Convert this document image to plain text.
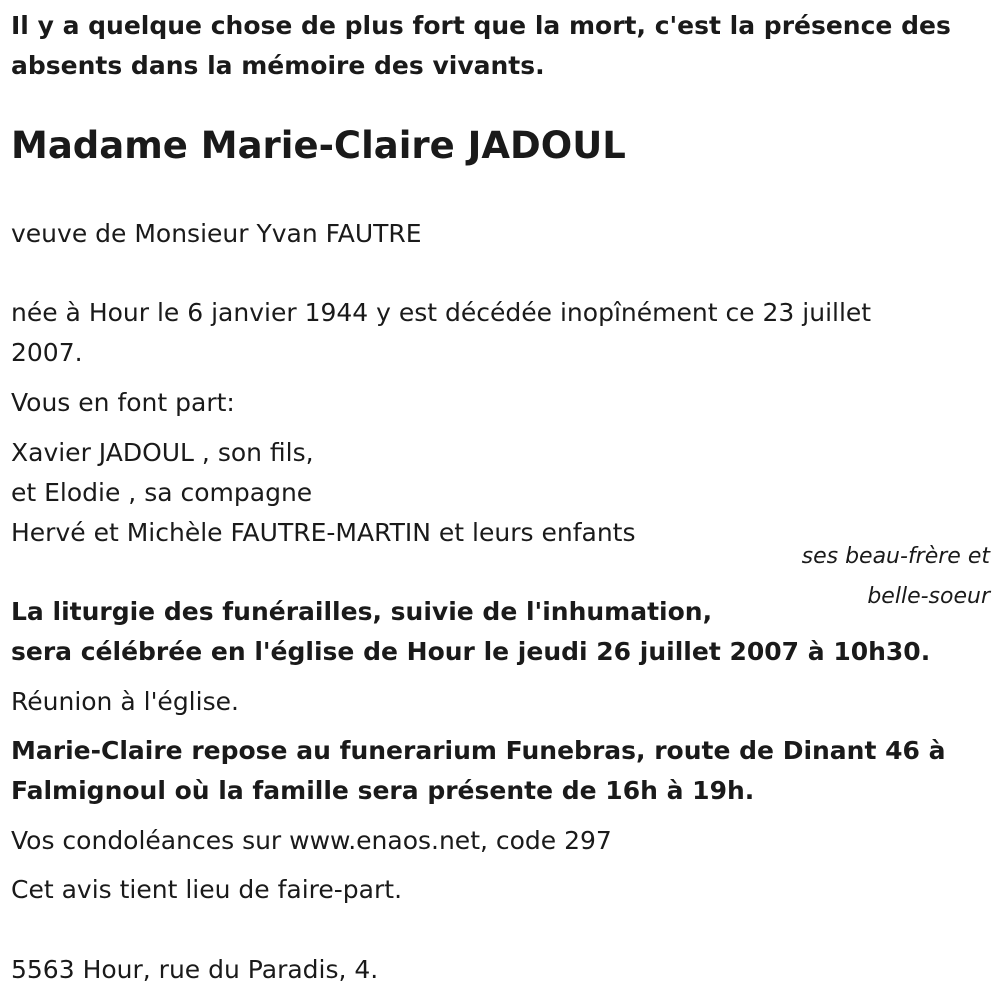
Il y a quelque chose de plus fort que la mort, c'est la présence des

absents dans la mémoire des vivants.

Madame Marie-Claire JADOUL

veuve de Monsieur Yvan FAUTRE

née à Hour le 6 janvier 1944 y est décédée inopînément ce 23 juillet

2007.

Vous en font part:

Xavier JADOUL , son fils,

et Elodie , sa compagne

Hervé et Michèle FAUTRE-MARTIN et leurs enfants

ses beau-frère et

belle-soeur

La liturgie des funérailles, suivie de l'inhumation,

sera célébrée en l'église de Hour le jeudi 26 juillet 2007 à 10h30.

Réunion à l'église.

Marie-Claire repose au funerarium Funebras, route de Dinant 46 à

Falmignoul où la famille sera présente de 16h à 19h.

Vos condoléances sur www.enaos.net, code 297

Cet avis tient lieu de faire-part.

5563 Hour, rue du Paradis, 4.
